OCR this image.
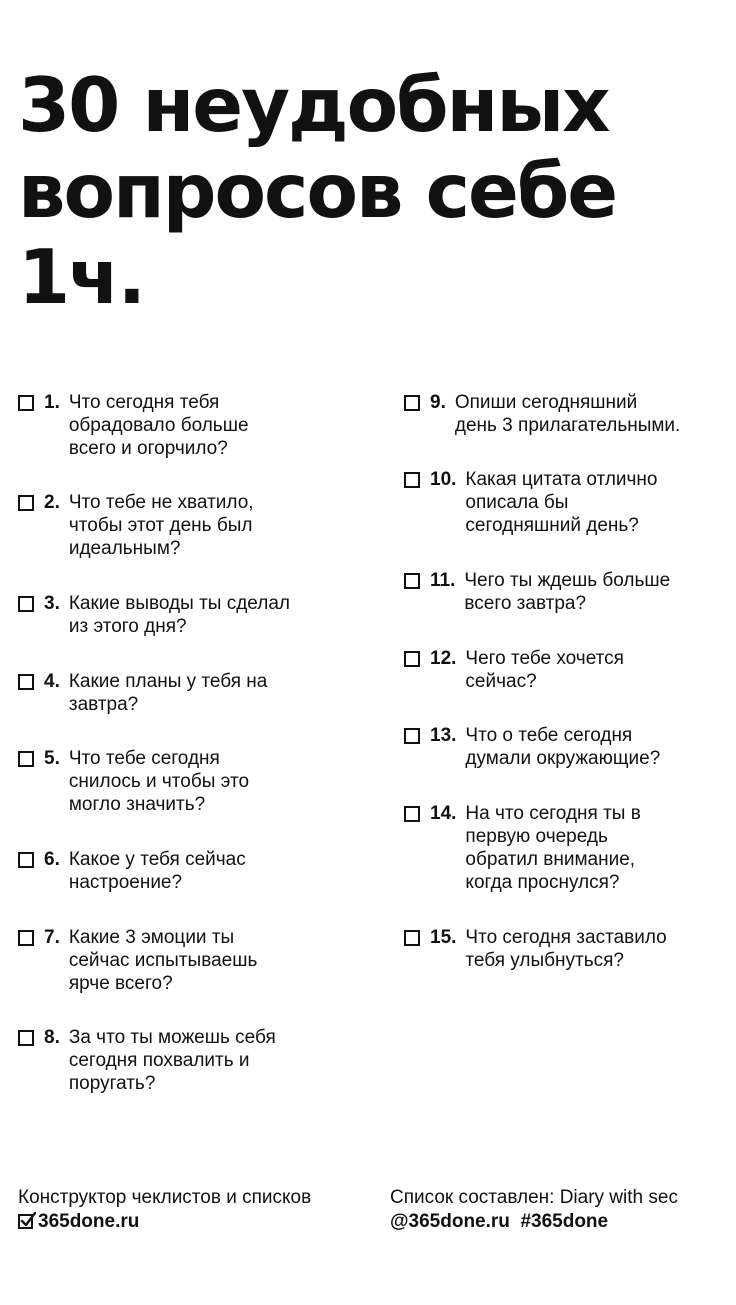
30 неудобных
вопросов себе
1ч.
1. Что сегодня тебя
обрадовало больше
всего и огорчило?
2. Что тебе не хватило,
чтобы этот день был
идеальным?
3. Какие выводы ты сделал
из этого дня?
4. Какие планы у тебя на
завтра?
5. Что тебе сегодня
снилось и чтобы это
могло значить?
6. Какое у тебя сейчас
настроение?
7. Какие 3 эмоции ты
сейчас испытываешь
ярче всего?
8. За что ты можешь себя
сегодня похвалить и
поругать?
9. Опиши сегодняшний
день 3 прилагательными.
10. Какая цитата отлично
описала бы
сегодняшний день?
11. Чего ты ждешь больше
всего завтра?
12. Чего тебе хочется
сейчас?
13. Что о тебе сегодня
думали окружающие?
14. На что сегодня ты в
первую очередь
обратил внимание,
когда проснулся?
15. Что сегодня заставило
тебя улыбнуться?
Конструктор чеклистов и списков
365done.ru
Список составлен: Diary with sec
@365done.ru  #365done
